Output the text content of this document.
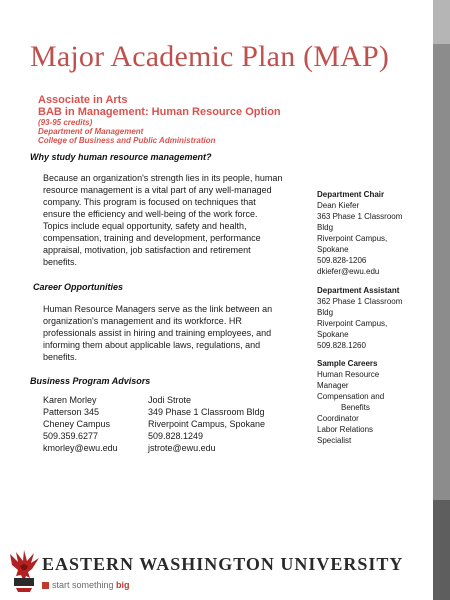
Major Academic Plan (MAP)
Associate in Arts
BAB in Management: Human Resource Option
(93-95 credits)
Department of Management
College of Business and Public Administration
Why study human resource management?
Because an organization's strength lies in its people, human
resource management is a vital part of any well-managed
company. This program is focused on techniques that
ensure the efficiency and well-being of the work force.
Topics include equal opportunity, safety and health,
compensation, training and development, performance
appraisal, motivation, job satisfaction and retirement
benefits.
Career Opportunities
Human Resource Managers serve as the link between an
organization's management and its workforce. HR
professionals assist in hiring and training employees, and
informing them about applicable laws, regulations, and
benefits.
Business Program Advisors
Karen Morley
Patterson 345
Cheney Campus
509.359.6277
kmorley@ewu.edu
Jodi Strote
349 Phase 1 Classroom Bldg
Riverpoint Campus, Spokane
509.828.1249
jstrote@ewu.edu
Department Chair
Dean Kiefer
363 Phase 1 Classroom
Bldg
Riverpoint Campus,
Spokane
509.828-1206
dkiefer@ewu.edu
Department Assistant
362 Phase 1 Classroom
Bldg
Riverpoint Campus,
Spokane
509.828.1260
Sample Careers
Human Resource
Manager
Compensation and
Benefits
Coordinator
Labor Relations
Specialist
EASTERN WASHINGTON UNIVERSITY
start something big
